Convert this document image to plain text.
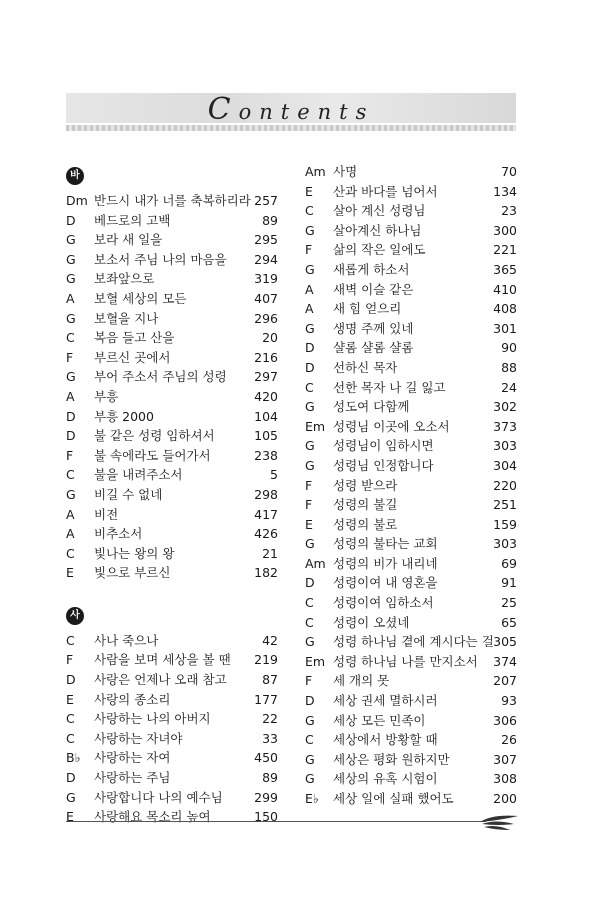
Contents
바
Dm 반드시 내가 너를 축복하리라 257
D	베드로의 고백	89
G	보라 새 일을	295
G	보소서 주님 나의 마음을 294
G	보좌앞으로	319
A	보혈 세상의 모든	407
G	보혈을 지나	296
C	복음 들고 산을	20
F	부르신 곳에서	216
G	부어 주소서 주님의 성령 297
A	부흥	420
D	부흥 2000	104
D	불 같은 성령 임하셔서	105
F	불 속에라도 들어가서	238
C	불을 내려주소서	5
G	비길 수 없네	298
A	비전	417
A	비추소서	426
C	빛나는 왕의 왕	21
E	빛으로 부르신	182
사
C	사나 죽으나	42
F	사람을 보며 세상을 볼 땐 219
D	사랑은 언제나 오래 참고	87
E	사랑의 종소리	177
C	사랑하는 나의 아버지	22
C	사랑하는 자녀야	33
B♭	사랑하는 자여	450
D	사랑하는 주님	89
G	사랑합니다 나의 예수님	299
E	사랑해요 목소리 높여	150
Am 사명	70
E	산과 바다를 넘어서	134
C	살아 계신 성령님	23
G	살아계신 하나님	300
F	삶의 작은 일에도	221
G	새롭게 하소서	365
A	새벽 이슬 같은	410
A	새 힘 얻으리	408
G	생명 주께 있네	301
D	샬롬 샬롬 샬롬	90
D	선하신 목자	88
C	선한 목자 나 길 잃고	24
G	성도여 다함께	302
Em 성령님 이곳에 오소서	373
G	성령님이 임하시면	303
G	성령님 인정합니다	304
F	성령 받으라	220
F	성령의 불길	251
E	성령의 불로	159
G	성령의 불타는 교회	303
Am 성령의 비가 내리네	69
D	성령이여 내 영혼을	91
C	성령이여 임하소서	25
C	성령이 오셨네	65
G	성령 하나님 곁에 계시다는 걸 305
Em 성령 하나님 나를 만지소서 374
F	세 개의 못	207
D	세상 권세 멸하시러	93
G	세상 모든 민족이	306
C	세상에서 방황할 때	26
G	세상은 평화 원하지만	307
G	세상의 유혹 시험이	308
E♭	세상 일에 실패 했어도	200
